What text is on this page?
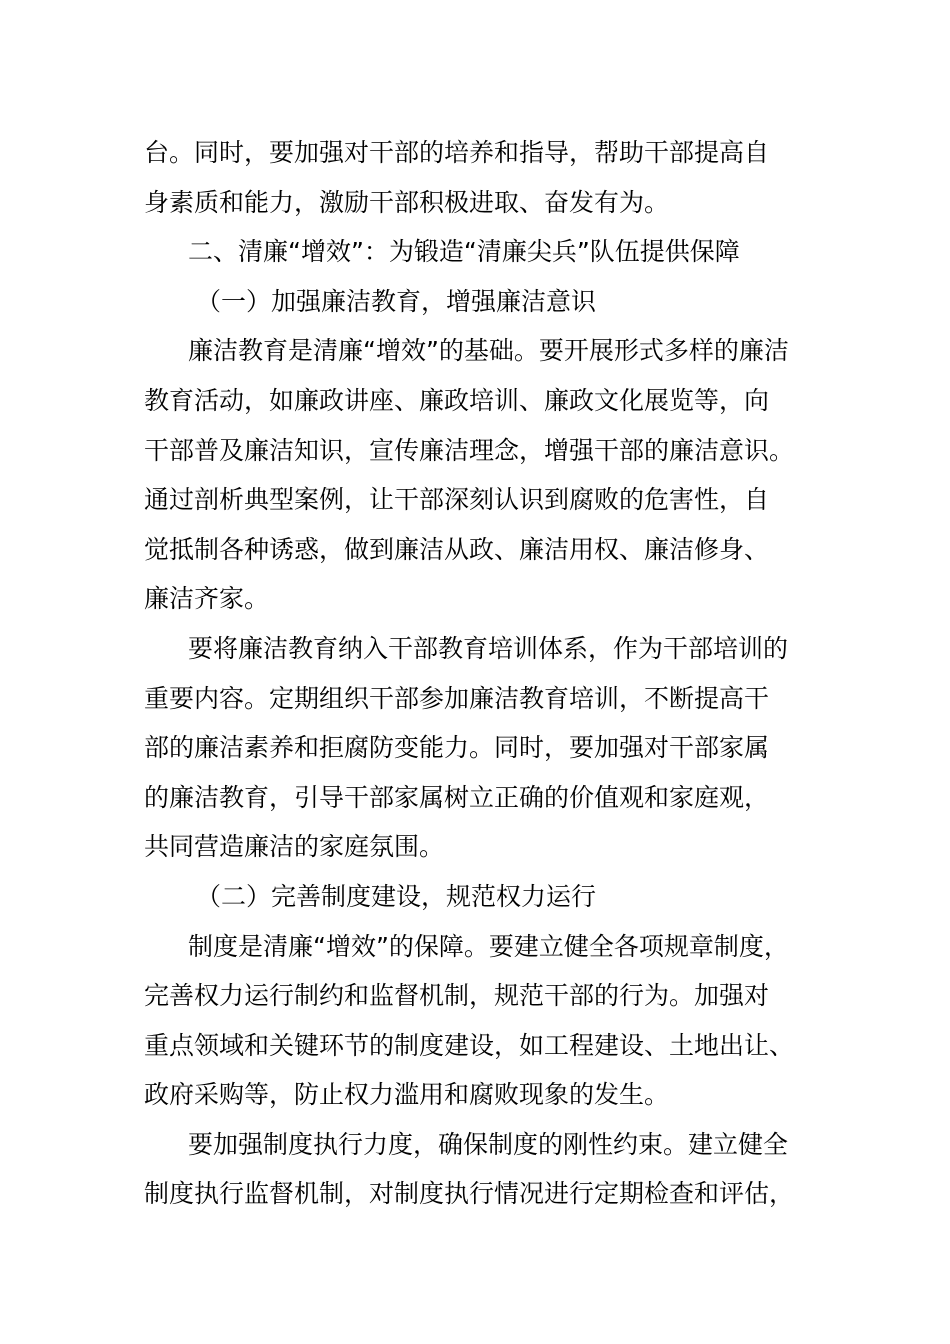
台。同时，要加强对干部的培养和指导，帮助干部提高自
身素质和能力，激励干部积极进取、奋发有为。
二、清廉“增效”：为锻造“清廉尖兵”队伍提供保障
（一）加强廉洁教育，增强廉洁意识
廉洁教育是清廉“增效”的基础。要开展形式多样的廉洁
教育活动，如廉政讲座、廉政培训、廉政文化展览等，向
干部普及廉洁知识，宣传廉洁理念，增强干部的廉洁意识。
通过剖析典型案例，让干部深刻认识到腐败的危害性，自
觉抵制各种诱惑，做到廉洁从政、廉洁用权、廉洁修身、
廉洁齐家。
要将廉洁教育纳入干部教育培训体系，作为干部培训的
重要内容。定期组织干部参加廉洁教育培训，不断提高干
部的廉洁素养和拒腐防变能力。同时，要加强对干部家属
的廉洁教育，引导干部家属树立正确的价值观和家庭观，
共同营造廉洁的家庭氛围。
（二）完善制度建设，规范权力运行
制度是清廉“增效”的保障。要建立健全各项规章制度，
完善权力运行制约和监督机制，规范干部的行为。加强对
重点领域和关键环节的制度建设，如工程建设、土地出让、
政府采购等，防止权力滥用和腐败现象的发生。
要加强制度执行力度，确保制度的刚性约束。建立健全
制度执行监督机制，对制度执行情况进行定期检查和评估，
